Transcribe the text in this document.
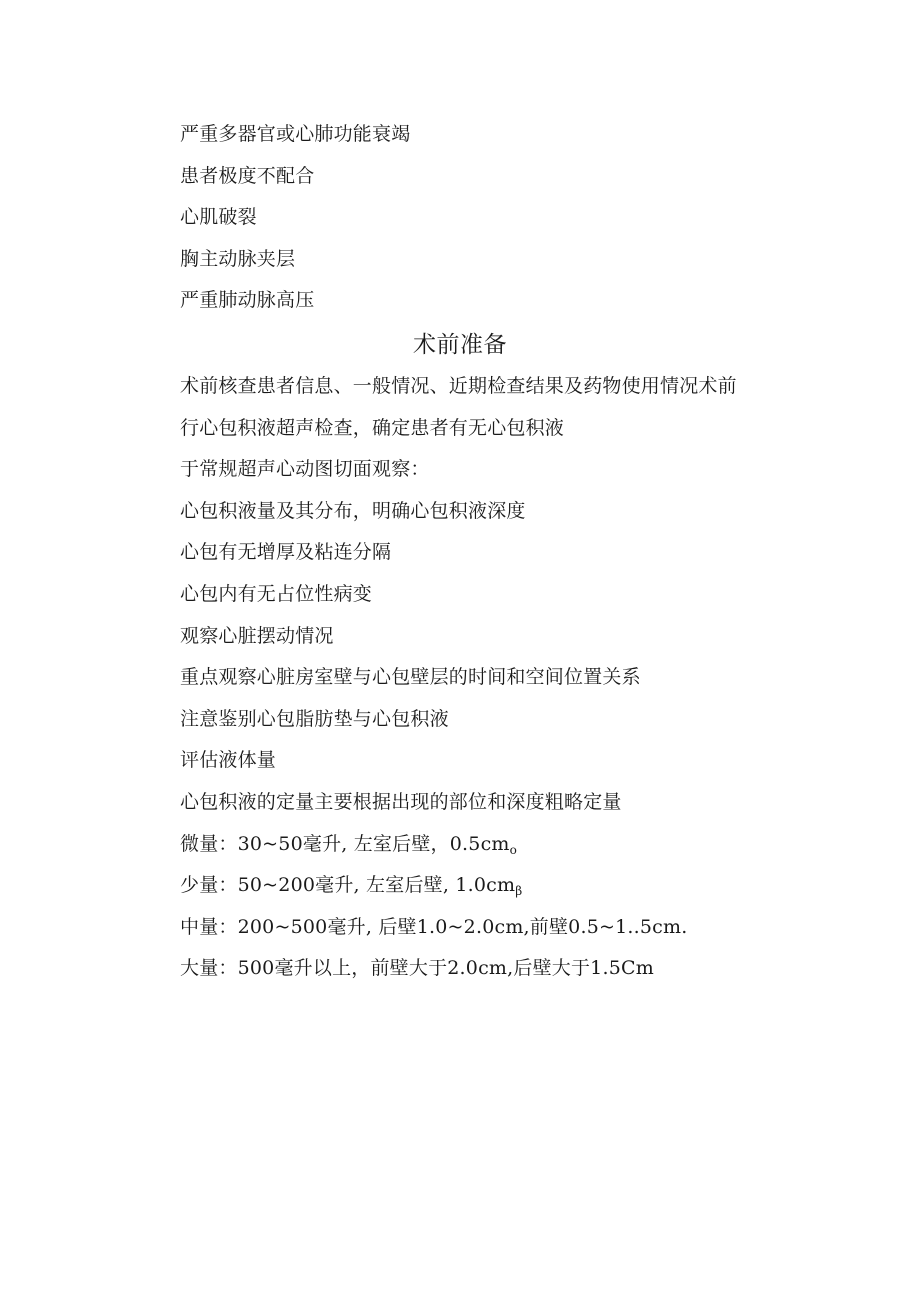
严重多器官或心肺功能衰竭
患者极度不配合
心肌破裂
胸主动脉夹层
严重肺动脉高压
术前准备
术前核查患者信息、一般情况、近期检查结果及药物使用情况术前
行心包积液超声检查，确定患者有无心包积液
于常规超声心动图切面观察：
心包积液量及其分布，明确心包积液深度
心包有无增厚及粘连分隔
心包内有无占位性病变
观察心脏摆动情况
重点观察心脏房室壁与心包壁层的时间和空间位置关系
注意鉴别心包脂肪垫与心包积液
评估液体量
心包积液的定量主要根据出现的部位和深度粗略定量
微量：30~50毫升, 左室后壁，$0.5cm_o$
少量：50~200毫升, 左室后壁, $1.0cm_\beta$
中量：200~500毫升, 后壁1.0~2.0cm,前壁0.5~1..5cm.
大量：500毫升以上，前壁大于2.0cm,后壁大于1.5Cm
